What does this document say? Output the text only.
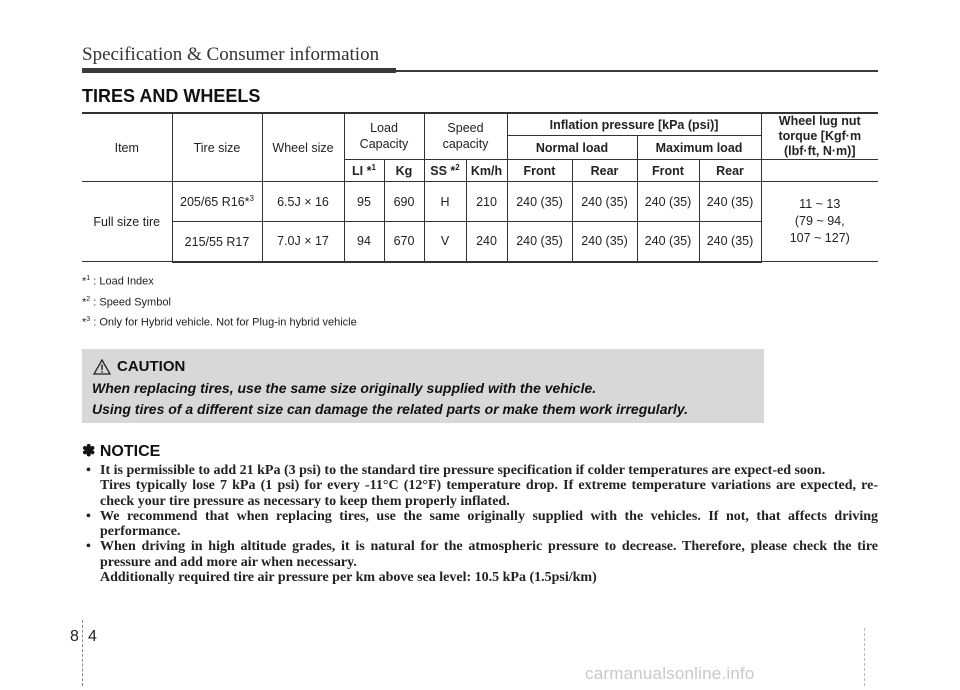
Specification & Consumer information
TIRES AND WHEELS
Item	Tire size	Wheel size	Load
Capacity		Speed
capacity		Inflation pressure [kPa (psi)]				Wheel lug nut
torque [Kgf·m
(lbf·ft, N·m)]
							Normal load		Maximum load		
			LI *$^1$	Kg	SS *$^2$	Km/h	Front	Rear	Front	Rear	
Full size tire	205/65 R16*$^3$	6.5J × 16	95	690	H	210	240 (35)	240 (35)	240 (35)	240 (35)	11 ~ 13
(79 ~ 94,
107 ~ 127)
	215/55 R17	7.0J × 17	94	670	V	240	240 (35)	240 (35)	240 (35)	240 (35)	
*$^1$ : Load Index
*$^2$ : Speed Symbol
*$^3$ : Only for Hybrid vehicle. Not for Plug-in hybrid vehicle
CAUTION
When replacing tires, use the same size originally supplied with the vehicle.
Using tires of a different size can damage the related parts or make them work irregularly.
✽ NOTICE
• It is permissible to add 21 kPa (3 psi) to the standard tire pressure specification if colder temperatures are expect-ed soon.
Tires typically lose 7 kPa (1 psi) for every -11°C (12°F) temperature drop. If extreme temperature variations are expected, re-check your tire pressure as necessary to keep them properly inflated.
• We recommend that when replacing tires, use the same originally supplied with the vehicles. If not, that affects driving performance.
• When driving in high altitude grades, it is natural for the atmospheric pressure to decrease. Therefore, please check the tire pressure and add more air when necessary.
Additionally required tire air pressure per km above sea level: 10.5 kPa (1.5psi/km)
8 4
carmanualsonline.info
